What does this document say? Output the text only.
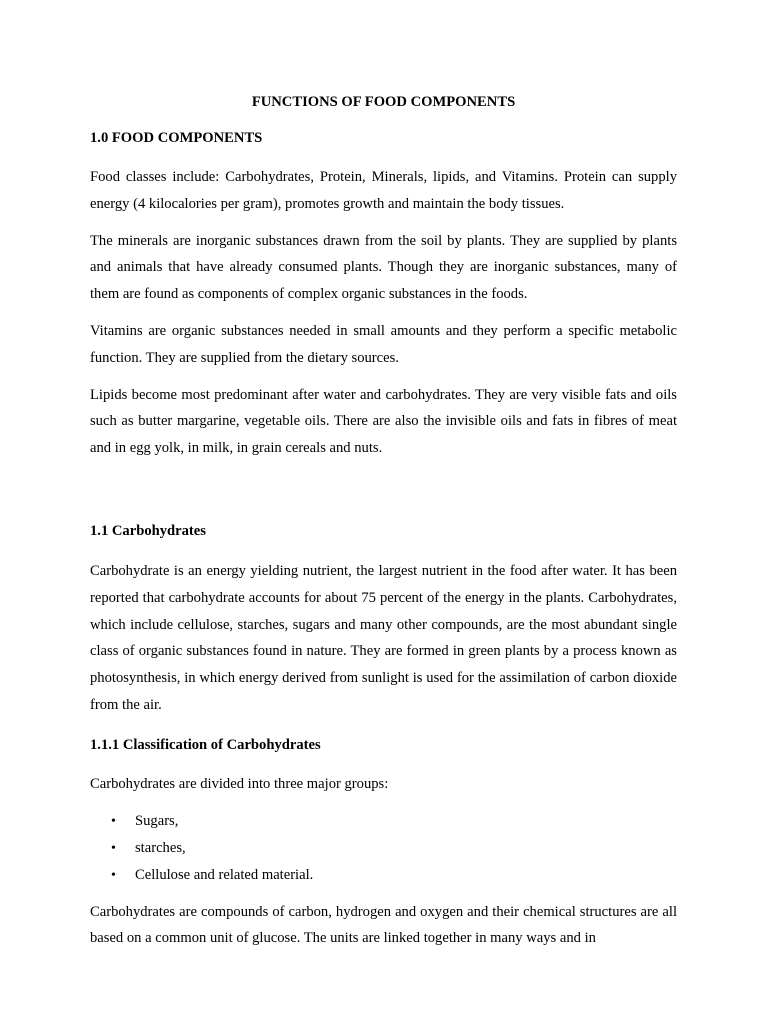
FUNCTIONS OF FOOD COMPONENTS

1.0 FOOD COMPONENTS

Food classes include: Carbohydrates, Protein, Minerals, lipids, and Vitamins. Protein can supply energy (4 kilocalories per gram), promotes growth and maintain the body tissues.

The minerals are inorganic substances drawn from the soil by plants. They are supplied by plants and animals that have already consumed plants. Though they are inorganic substances, many of them are found as components of complex organic substances in the foods.

Vitamins are organic substances needed in small amounts and they perform a specific metabolic function. They are supplied from the dietary sources.

Lipids become most predominant after water and carbohydrates. They are very visible fats and oils such as butter margarine, vegetable oils. There are also the invisible oils and fats in fibres of meat and in egg yolk, in milk, in grain cereals and nuts.

1.1 Carbohydrates

Carbohydrate is an energy yielding nutrient, the largest nutrient in the food after water. It has been reported that carbohydrate accounts for about 75 percent of the energy in the plants. Carbohydrates, which include cellulose, starches, sugars and many other compounds, are the most abundant single class of organic substances found in nature. They are formed in green plants by a process known as photosynthesis, in which energy derived from sunlight is used for the assimilation of carbon dioxide from the air.

1.1.1 Classification of Carbohydrates

Carbohydrates are divided into three major groups:

• Sugars,
• starches,
• Cellulose and related material.

Carbohydrates are compounds of carbon, hydrogen and oxygen and their chemical structures are all based on a common unit of glucose. The units are linked together in many ways and in
